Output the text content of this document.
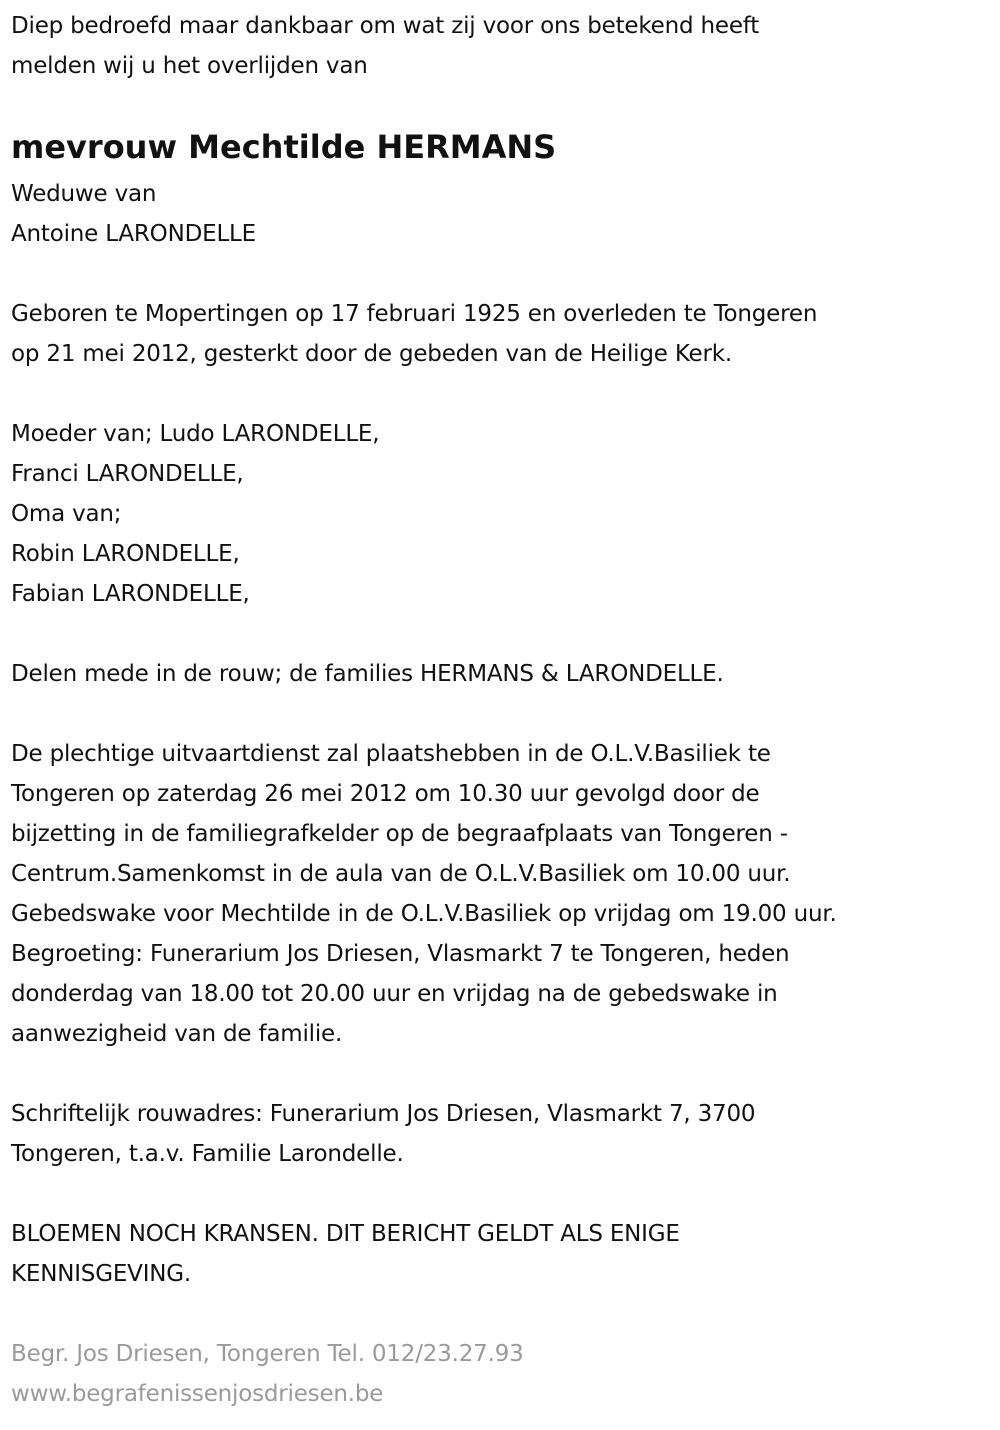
Diep bedroefd maar dankbaar om wat zij voor ons betekend heeft
melden wij u het overlijden van
mevrouw Mechtilde HERMANS
Weduwe van
Antoine LARONDELLE
Geboren te Mopertingen op 17 februari 1925 en overleden te Tongeren
op 21 mei 2012, gesterkt door de gebeden van de Heilige Kerk.
Moeder van; Ludo LARONDELLE,
Franci LARONDELLE,
Oma van;
Robin LARONDELLE,
Fabian LARONDELLE,
Delen mede in de rouw; de families HERMANS & LARONDELLE.
De plechtige uitvaartdienst zal plaatshebben in de O.L.V.Basiliek te
Tongeren op zaterdag 26 mei 2012 om 10.30 uur gevolgd door de
bijzetting in de familiegrafkelder op de begraafplaats van Tongeren -
Centrum.Samenkomst in de aula van de O.L.V.Basiliek om 10.00 uur.
Gebedswake voor Mechtilde in de O.L.V.Basiliek op vrijdag om 19.00 uur.
Begroeting: Funerarium Jos Driesen, Vlasmarkt 7 te Tongeren, heden
donderdag van 18.00 tot 20.00 uur en vrijdag na de gebedswake in
aanwezigheid van de familie.
Schriftelijk rouwadres: Funerarium Jos Driesen, Vlasmarkt 7, 3700
Tongeren, t.a.v. Familie Larondelle.
BLOEMEN NOCH KRANSEN. DIT BERICHT GELDT ALS ENIGE
KENNISGEVING.
Begr. Jos Driesen, Tongeren Tel. 012/23.27.93
www.begrafenissenjosdriesen.be
